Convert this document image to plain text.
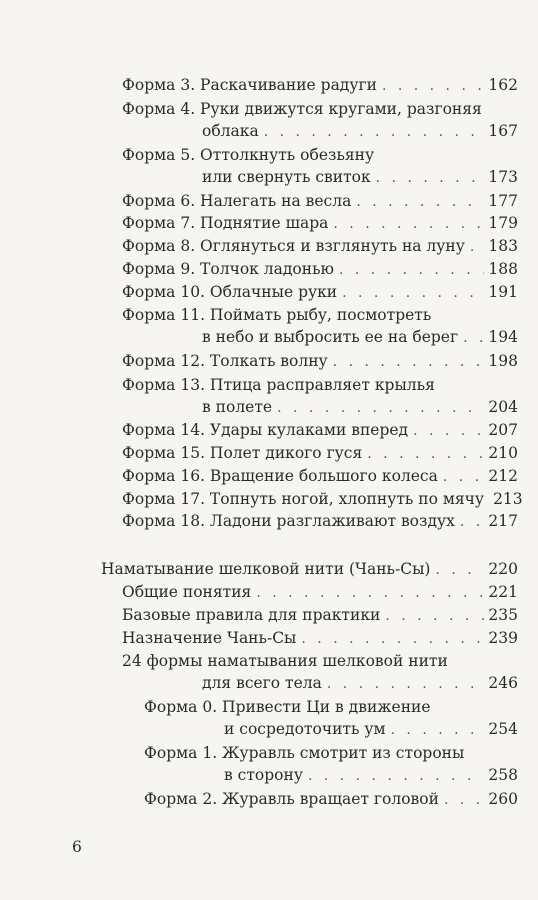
Форма 3. Раскачивание радуги . . .	162
Форма 4. Руки движутся кругами, разгоняя
облака . . .	167
Форма 5. Оттолкнуть обезьяну
или свернуть свиток . . .	173
Форма 6. Налегать на весла . . .	177
Форма 7. Поднятие шара . . .	179
Форма 8. Оглянуться и взглянуть на луну . . . 183
Форма 9. Толчок ладонью . . .	188
Форма 10. Облачные руки . . .	191
Форма 11. Поймать рыбу, посмотреть
в небо и выбросить ее на берег . . . 194
Форма 12. Толкать волну . . .	198
Форма 13. Птица расправляет крылья
в полете . . .	204
Форма 14. Удары кулаками вперед . . .	207
Форма 15. Полет дикого гуся . . .	210
Форма 16. Вращение большого колеса . . .	212
Форма 17. Топнуть ногой, хлопнуть по мячу 213
Форма 18. Ладони разглаживают воздух . . . 217
Наматывание шелковой нити (Чань-Сы) . . .	220
Общие понятия . . .	221
Базовые правила для практики . . .	235
Назначение Чань-Сы . . .	239
24 формы наматывания шелковой нити
для всего тела . . .	246
Форма 0. Привести Ци в движение
и сосредоточить ум . . .	254
Форма 1. Журавль смотрит из стороны
в сторону . . .	258
Форма 2. Журавль вращает головой . . .	260
6
